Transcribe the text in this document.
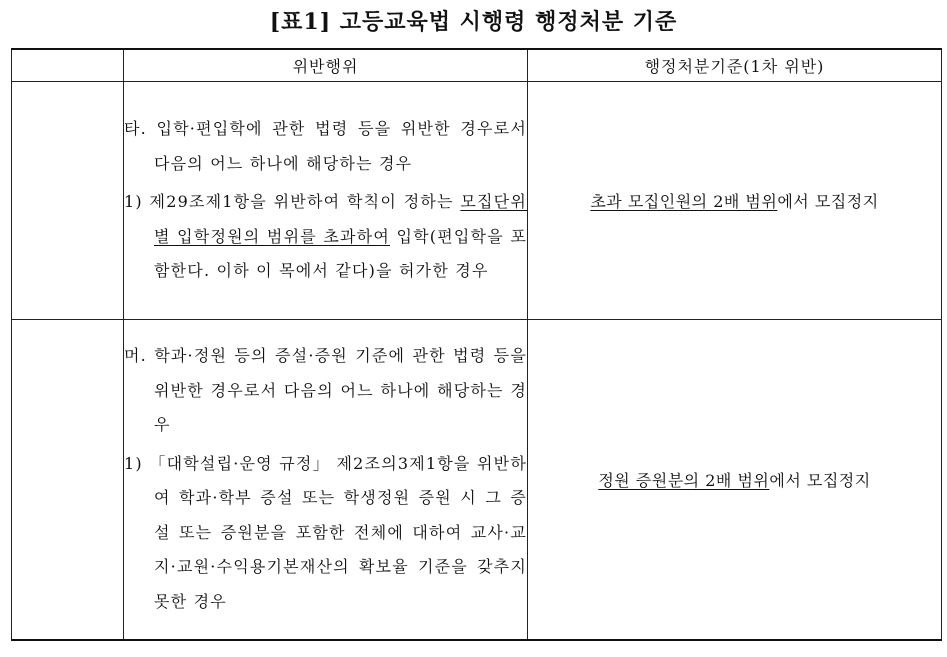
[표1] 고등교육법 시행령 행정처분 기준
	위반행위	행정처분기준(1차 위반)

	타. 입학·편입학에 관한 법령 등을 위반한 경우로서 다음의 어느 하나에 해당하는 경우
1) 제29조제1항을 위반하여 학칙이 정하는 모집단위별 입학정원의 범위를 초과하여 입학(편입학을 포함한다. 이하 이 목에서 같다)을 허가한 경우	초과 모집인원의 2배 범위에서 모집정지

	머. 학과·정원 등의 증설·증원 기준에 관한 법령 등을 위반한 경우로서 다음의 어느 하나에 해당하는 경우
1) 「대학설립·운영 규정」 제2조의3제1항을 위반하여 학과·학부 증설 또는 학생정원 증원 시 그 증설 또는 증원분을 포함한 전체에 대하여 교사·교지·교원·수익용기본재산의 확보율 기준을 갖추지 못한 경우	정원 증원분의 2배 범위에서 모집정지
